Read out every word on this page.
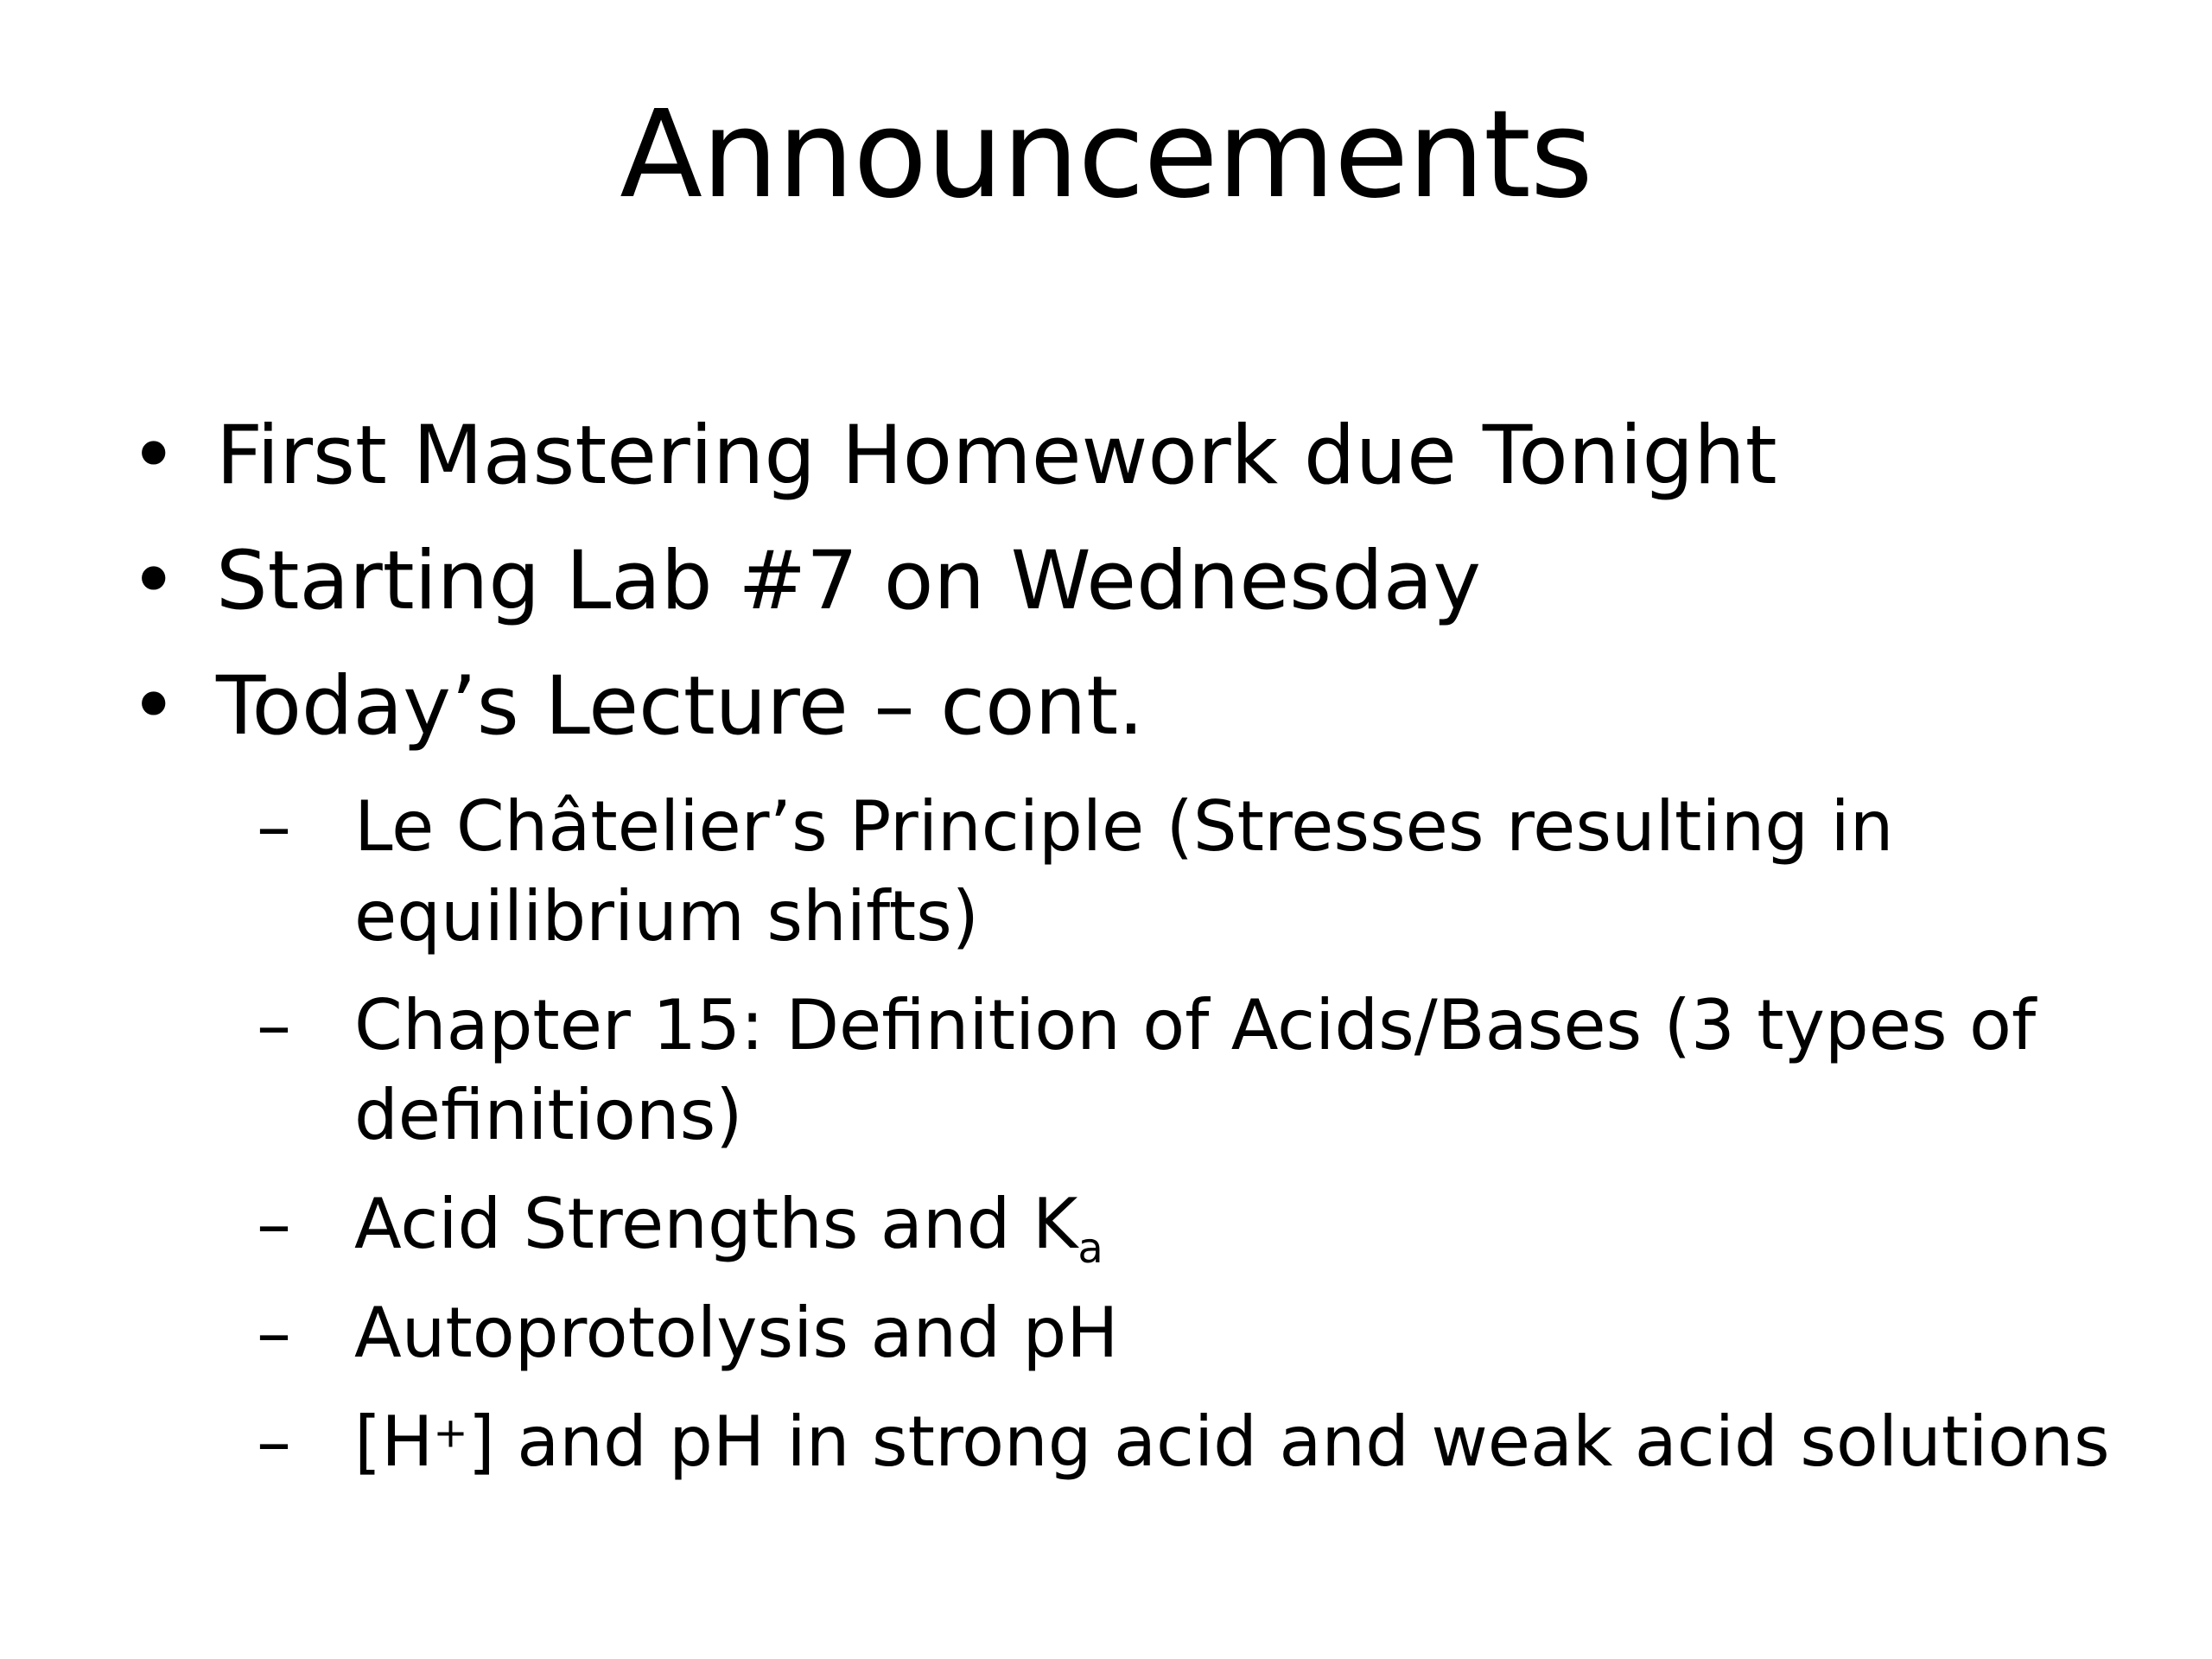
Announcements
• First Mastering Homework due Tonight
• Starting Lab #7 on Wednesday
• Today’s Lecture – cont.
– Le Châtelier’s Principle (Stresses resulting in equilibrium shifts)
– Chapter 15: Definition of Acids/Bases (3 types of definitions)
– Acid Strengths and $K_a$
– Autoprotolysis and pH
– [H+] and pH in strong acid and weak acid solutions
